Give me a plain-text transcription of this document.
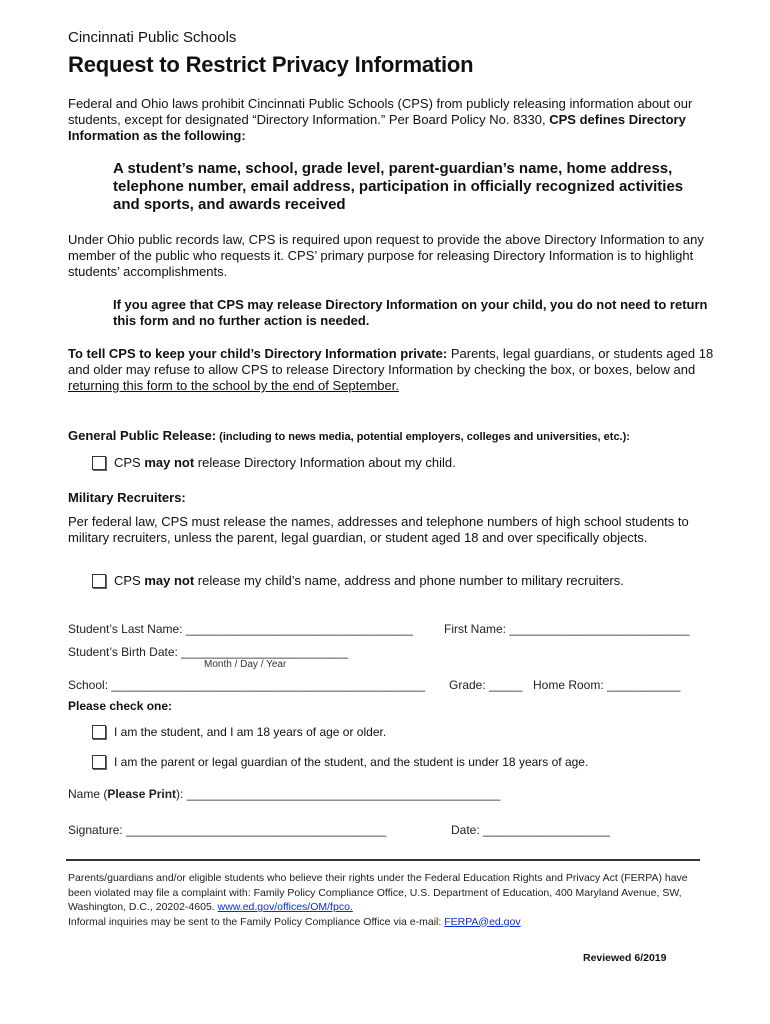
Cincinnati Public Schools
Request to Restrict Privacy Information
Federal and Ohio laws prohibit Cincinnati Public Schools (CPS) from publicly releasing information about our students, except for designated “Directory Information.” Per Board Policy No. 8330, CPS defines Directory Information as the following:
A student’s name, school, grade level, parent-guardian’s name, home address, telephone number, email address, participation in officially recognized activities and sports, and awards received
Under Ohio public records law, CPS is required upon request to provide the above Directory Information to any member of the public who requests it. CPS’ primary purpose for releasing Directory Information is to highlight students’ accomplishments.
If you agree that CPS may release Directory Information on your child, you do not need to return this form and no further action is needed.
To tell CPS to keep your child’s Directory Information private: Parents, legal guardians, or students aged 18 and older may refuse to allow CPS to release Directory Information by checking the box, or boxes, below and returning this form to the school by the end of September.
General Public Release: (including to news media, potential employers, colleges and universities, etc.):
CPS may not release Directory Information about my child.
Military Recruiters:
Per federal law, CPS must release the names, addresses and telephone numbers of high school students to military recruiters, unless the parent, legal guardian, or student aged 18 and over specifically objects.
CPS may not release my child’s name, address and phone number to military recruiters.
Student’s Last Name: __________________________________	First Name: ___________________________
Student’s Birth Date: _________________________
Month / Day / Year
School: _______________________________________________ Grade: _____ Home Room: ___________
Please check one:
I am the student, and I am 18 years of age or older.
I am the parent or legal guardian of the student, and the student is under 18 years of age.
Name (Please Print): _______________________________________________
Signature: _______________________________________	Date: ___________________
Parents/guardians and/or eligible students who believe their rights under the Federal Education Rights and Privacy Act (FERPA) have been violated may file a complaint with: Family Policy Compliance Office, U.S. Department of Education, 400 Maryland Avenue, SW, Washington, D.C., 20202-4605. www.ed.gov/offices/OM/fpco.
Informal inquiries may be sent to the Family Policy Compliance Office via e-mail: FERPA@ed.gov
Reviewed 6/2019
